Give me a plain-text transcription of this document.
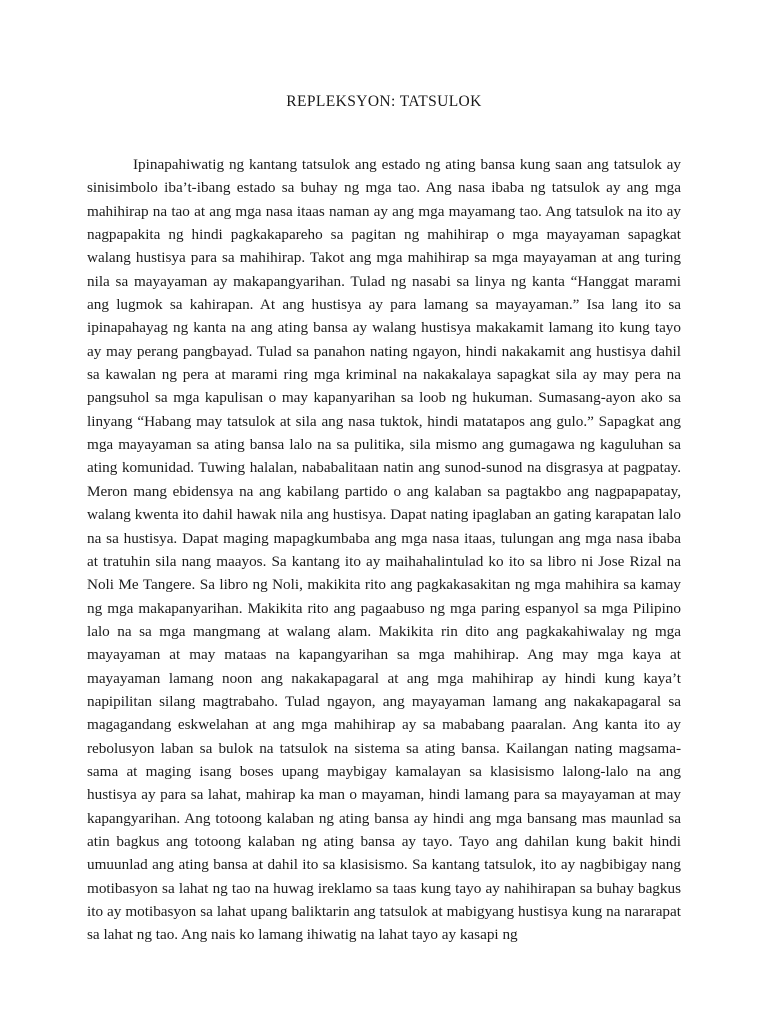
REPLEKSYON: TATSULOK

Ipinapahiwatig ng kantang tatsulok ang estado ng ating bansa kung saan ang tatsulok ay sinisimbolo iba’t-ibang estado sa buhay ng mga tao. Ang nasa ibaba ng tatsulok ay ang mga mahihirap na tao at ang mga nasa itaas naman ay ang mga mayamang tao. Ang tatsulok na ito ay nagpapakita ng hindi pagkakapareho sa pagitan ng mahihirap o mga mayayaman sapagkat walang hustisya para sa mahihirap. Takot ang mga mahihirap sa mga mayayaman at ang turing nila sa mayayaman ay makapangyarihan. Tulad ng nasabi sa linya ng kanta “Hanggat marami ang lugmok sa kahirapan. At ang hustisya ay para lamang sa mayayaman.” Isa lang ito sa ipinapahayag ng kanta na ang ating bansa ay walang hustisya makakamit lamang ito kung tayo ay may perang pangbayad. Tulad sa panahon nating ngayon, hindi nakakamit ang hustisya dahil sa kawalan ng pera at marami ring mga kriminal na nakakalaya sapagkat sila ay may pera na pangsuhol sa mga kapulisan o may kapanyarihan sa loob ng hukuman. Sumasang-ayon ako sa linyang “Habang may tatsulok at sila ang nasa tuktok, hindi matatapos ang gulo.” Sapagkat ang mga mayayaman sa ating bansa lalo na sa pulitika, sila mismo ang gumagawa ng kaguluhan sa ating komunidad. Tuwing halalan, nababalitaan natin ang sunod-sunod na disgrasya at pagpatay. Meron mang ebidensya na ang kabilang partido o ang kalaban sa pagtakbo ang nagpapapatay, walang kwenta ito dahil hawak nila ang hustisya. Dapat nating ipaglaban an gating karapatan lalo na sa hustisya. Dapat maging mapagkumbaba ang mga nasa itaas, tulungan ang mga nasa ibaba at tratuhin sila nang maayos. Sa kantang ito ay maihahalintulad ko ito sa libro ni Jose Rizal na Noli Me Tangere. Sa libro ng Noli, makikita rito ang pagkakasakitan ng mga mahihira sa kamay ng mga makapanyarihan. Makikita rito ang pagaabuso ng mga paring espanyol sa mga Pilipino lalo na sa mga mangmang at walang alam. Makikita rin dito ang pagkakahiwalay ng mga mayayaman at may mataas na kapangyarihan sa mga mahihirap. Ang may mga kaya at mayayaman lamang noon ang nakakapagaral at ang mga mahihirap ay hindi kung kaya’t napipilitan silang magtrabaho. Tulad ngayon, ang mayayaman lamang ang nakakapagaral sa magagandang eskwelahan at ang mga mahihirap ay sa mababang paaralan. Ang kanta ito ay rebolusyon laban sa bulok na tatsulok na sistema sa ating bansa. Kailangan nating magsama-sama at maging isang boses upang maybigay kamalayan sa klasisismo lalong-lalo na ang hustisya ay para sa lahat, mahirap ka man o mayaman, hindi lamang para sa mayayaman at may kapangyarihan. Ang totoong kalaban ng ating bansa ay hindi ang mga bansang mas maunlad sa atin bagkus ang totoong kalaban ng ating bansa ay tayo. Tayo ang dahilan kung bakit hindi umuunlad ang ating bansa at dahil ito sa klasisismo. Sa kantang tatsulok, ito ay nagbibigay nang motibasyon sa lahat ng tao na huwag ireklamo sa taas kung tayo ay nahihirapan sa buhay bagkus ito ay motibasyon sa lahat upang baliktarin ang tatsulok at mabigyang hustisya kung na nararapat sa lahat ng tao. Ang nais ko lamang ihiwatig na lahat tayo ay kasapi ng
